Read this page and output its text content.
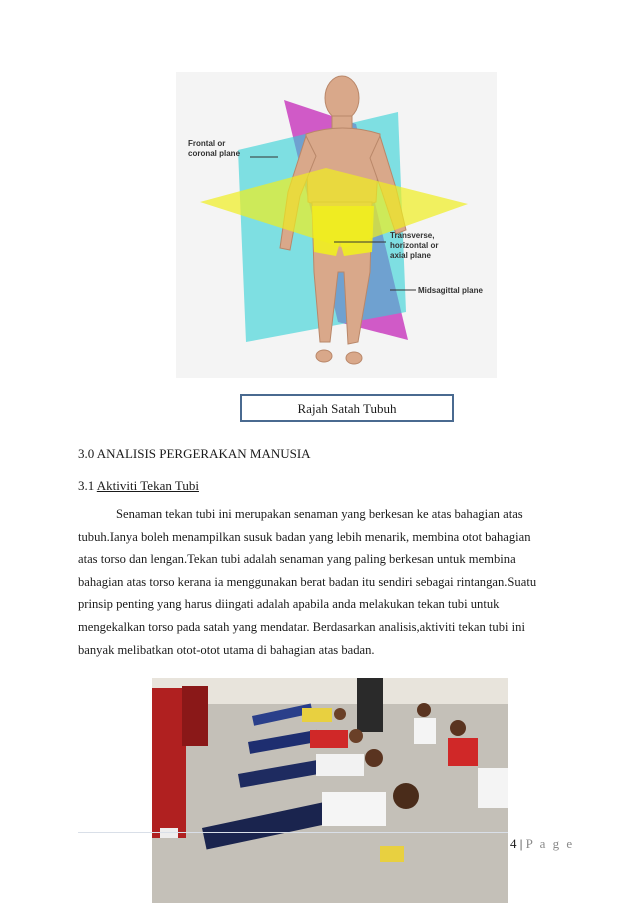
Frontal or coronal plane
Transverse, horizontal or axial plane
Midsagittal plane
Rajah Satah Tubuh
3.0 ANALISIS PERGERAKAN MANUSIA
3.1 Aktiviti Tekan Tubi
Senaman tekan tubi ini merupakan senaman yang berkesan ke atas bahagian atas
tubuh.Ianya boleh menampilkan susuk badan yang lebih menarik, membina otot bahagian
atas torso dan lengan.Tekan tubi adalah senaman yang paling berkesan untuk membina
bahagian atas torso kerana ia menggunakan berat badan itu sendiri sebagai rintangan.Suatu
prinsip penting yang harus diingati adalah apabila anda melakukan tekan tubi untuk
mengekalkan torso pada satah yang mendatar. Berdasarkan analisis,aktiviti tekan tubi ini
banyak melibatkan otot-otot utama di bahagian atas badan.
4 | P a g e
